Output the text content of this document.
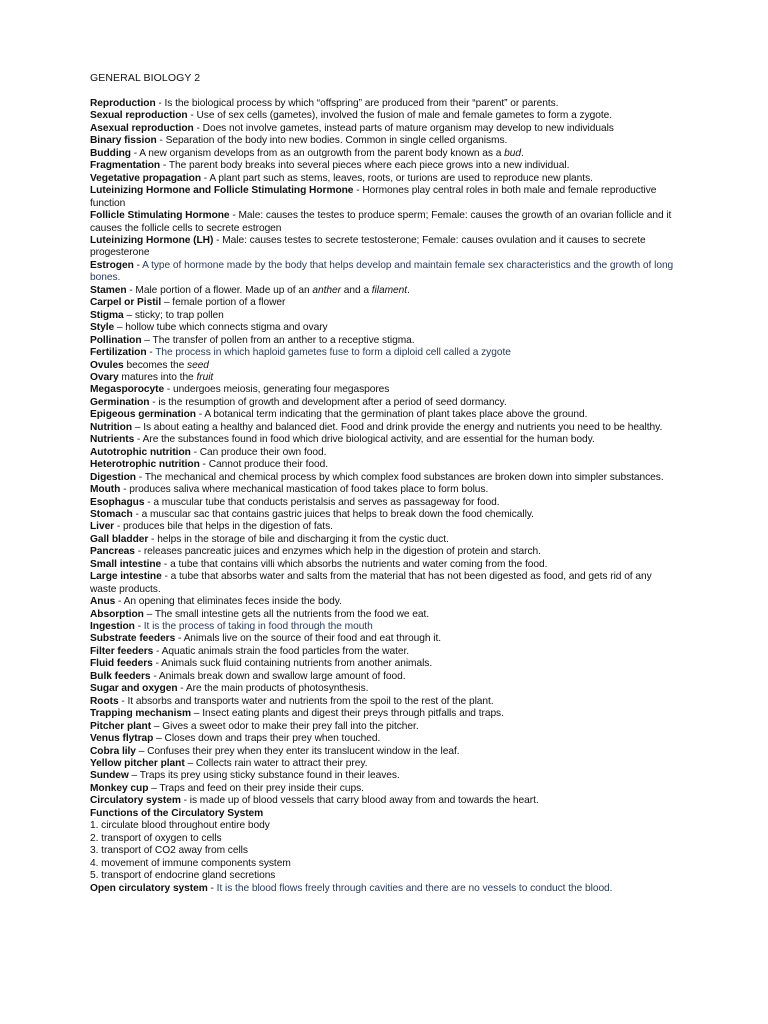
GENERAL BIOLOGY 2
Reproduction - Is the biological process by which “offspring” are produced from their “parent” or parents.
Sexual reproduction - Use of sex cells (gametes), involved the fusion of male and female gametes to form a zygote.
Asexual reproduction - Does not involve gametes, instead parts of mature organism may develop to new individuals
Binary fission - Separation of the body into new bodies. Common in single celled organisms.
Budding - A new organism develops from as an outgrowth from the parent body known as a bud.
Fragmentation - The parent body breaks into several pieces where each piece grows into a new individual.
Vegetative propagation - A plant part such as stems, leaves, roots, or turions are used to reproduce new plants.
Luteinizing Hormone and Follicle Stimulating Hormone - Hormones play central roles in both male and female reproductive function
Follicle Stimulating Hormone - Male: causes the testes to produce sperm; Female: causes the growth of an ovarian follicle and it causes the follicle cells to secrete estrogen
Luteinizing Hormone (LH) - Male: causes testes to secrete testosterone; Female: causes ovulation and it causes to secrete progesterone
Estrogen - A type of hormone made by the body that helps develop and maintain female sex characteristics and the growth of long bones.
Stamen - Male portion of a flower. Made up of an anther and a filament.
Carpel or Pistil – female portion of a flower
Stigma – sticky; to trap pollen
Style – hollow tube which connects stigma and ovary
Pollination – The transfer of pollen from an anther to a receptive stigma.
Fertilization - The process in which haploid gametes fuse to form a diploid cell called a zygote
Ovules becomes the seed
Ovary matures into the fruit
Megasporocyte - undergoes meiosis, generating four megaspores
Germination - is the resumption of growth and development after a period of seed dormancy.
Epigeous germination - A botanical term indicating that the germination of plant takes place above the ground.
Nutrition – Is about eating a healthy and balanced diet. Food and drink provide the energy and nutrients you need to be healthy.
Nutrients - Are the substances found in food which drive biological activity, and are essential for the human body.
Autotrophic nutrition - Can produce their own food.
Heterotrophic nutrition - Cannot produce their food.
Digestion - The mechanical and chemical process by which complex food substances are broken down into simpler substances.
Mouth - produces saliva where mechanical mastication of food takes place to form bolus.
Esophagus - a muscular tube that conducts peristalsis and serves as passageway for food.
Stomach - a muscular sac that contains gastric juices that helps to break down the food chemically.
Liver - produces bile that helps in the digestion of fats.
Gall bladder - helps in the storage of bile and discharging it from the cystic duct.
Pancreas - releases pancreatic juices and enzymes which help in the digestion of protein and starch.
Small intestine - a tube that contains villi which absorbs the nutrients and water coming from the food.
Large intestine - a tube that absorbs water and salts from the material that has not been digested as food, and gets rid of any waste products.
Anus - An opening that eliminates feces inside the body.
Absorption – The small intestine gets all the nutrients from the food we eat.
Ingestion - It is the process of taking in food through the mouth
Substrate feeders - Animals live on the source of their food and eat through it.
Filter feeders - Aquatic animals strain the food particles from the water.
Fluid feeders - Animals suck fluid containing nutrients from another animals.
Bulk feeders - Animals break down and swallow large amount of food.
Sugar and oxygen - Are the main products of photosynthesis.
Roots - It absorbs and transports water and nutrients from the spoil to the rest of the plant.
Trapping mechanism – Insect eating plants and digest their preys through pitfalls and traps.
Pitcher plant – Gives a sweet odor to make their prey fall into the pitcher.
Venus flytrap – Closes down and traps their prey when touched.
Cobra lily – Confuses their prey when they enter its translucent window in the leaf.
Yellow pitcher plant – Collects rain water to attract their prey.
Sundew – Traps its prey using sticky substance found in their leaves.
Monkey cup – Traps and feed on their prey inside their cups.
Circulatory system - is made up of blood vessels that carry blood away from and towards the heart.
Functions of the Circulatory System
1. circulate blood throughout entire body
2. transport of oxygen to cells
3. transport of CO2 away from cells
4. movement of immune components system
5. transport of endocrine gland secretions
Open circulatory system - It is the blood flows freely through cavities and there are no vessels to conduct the blood.
